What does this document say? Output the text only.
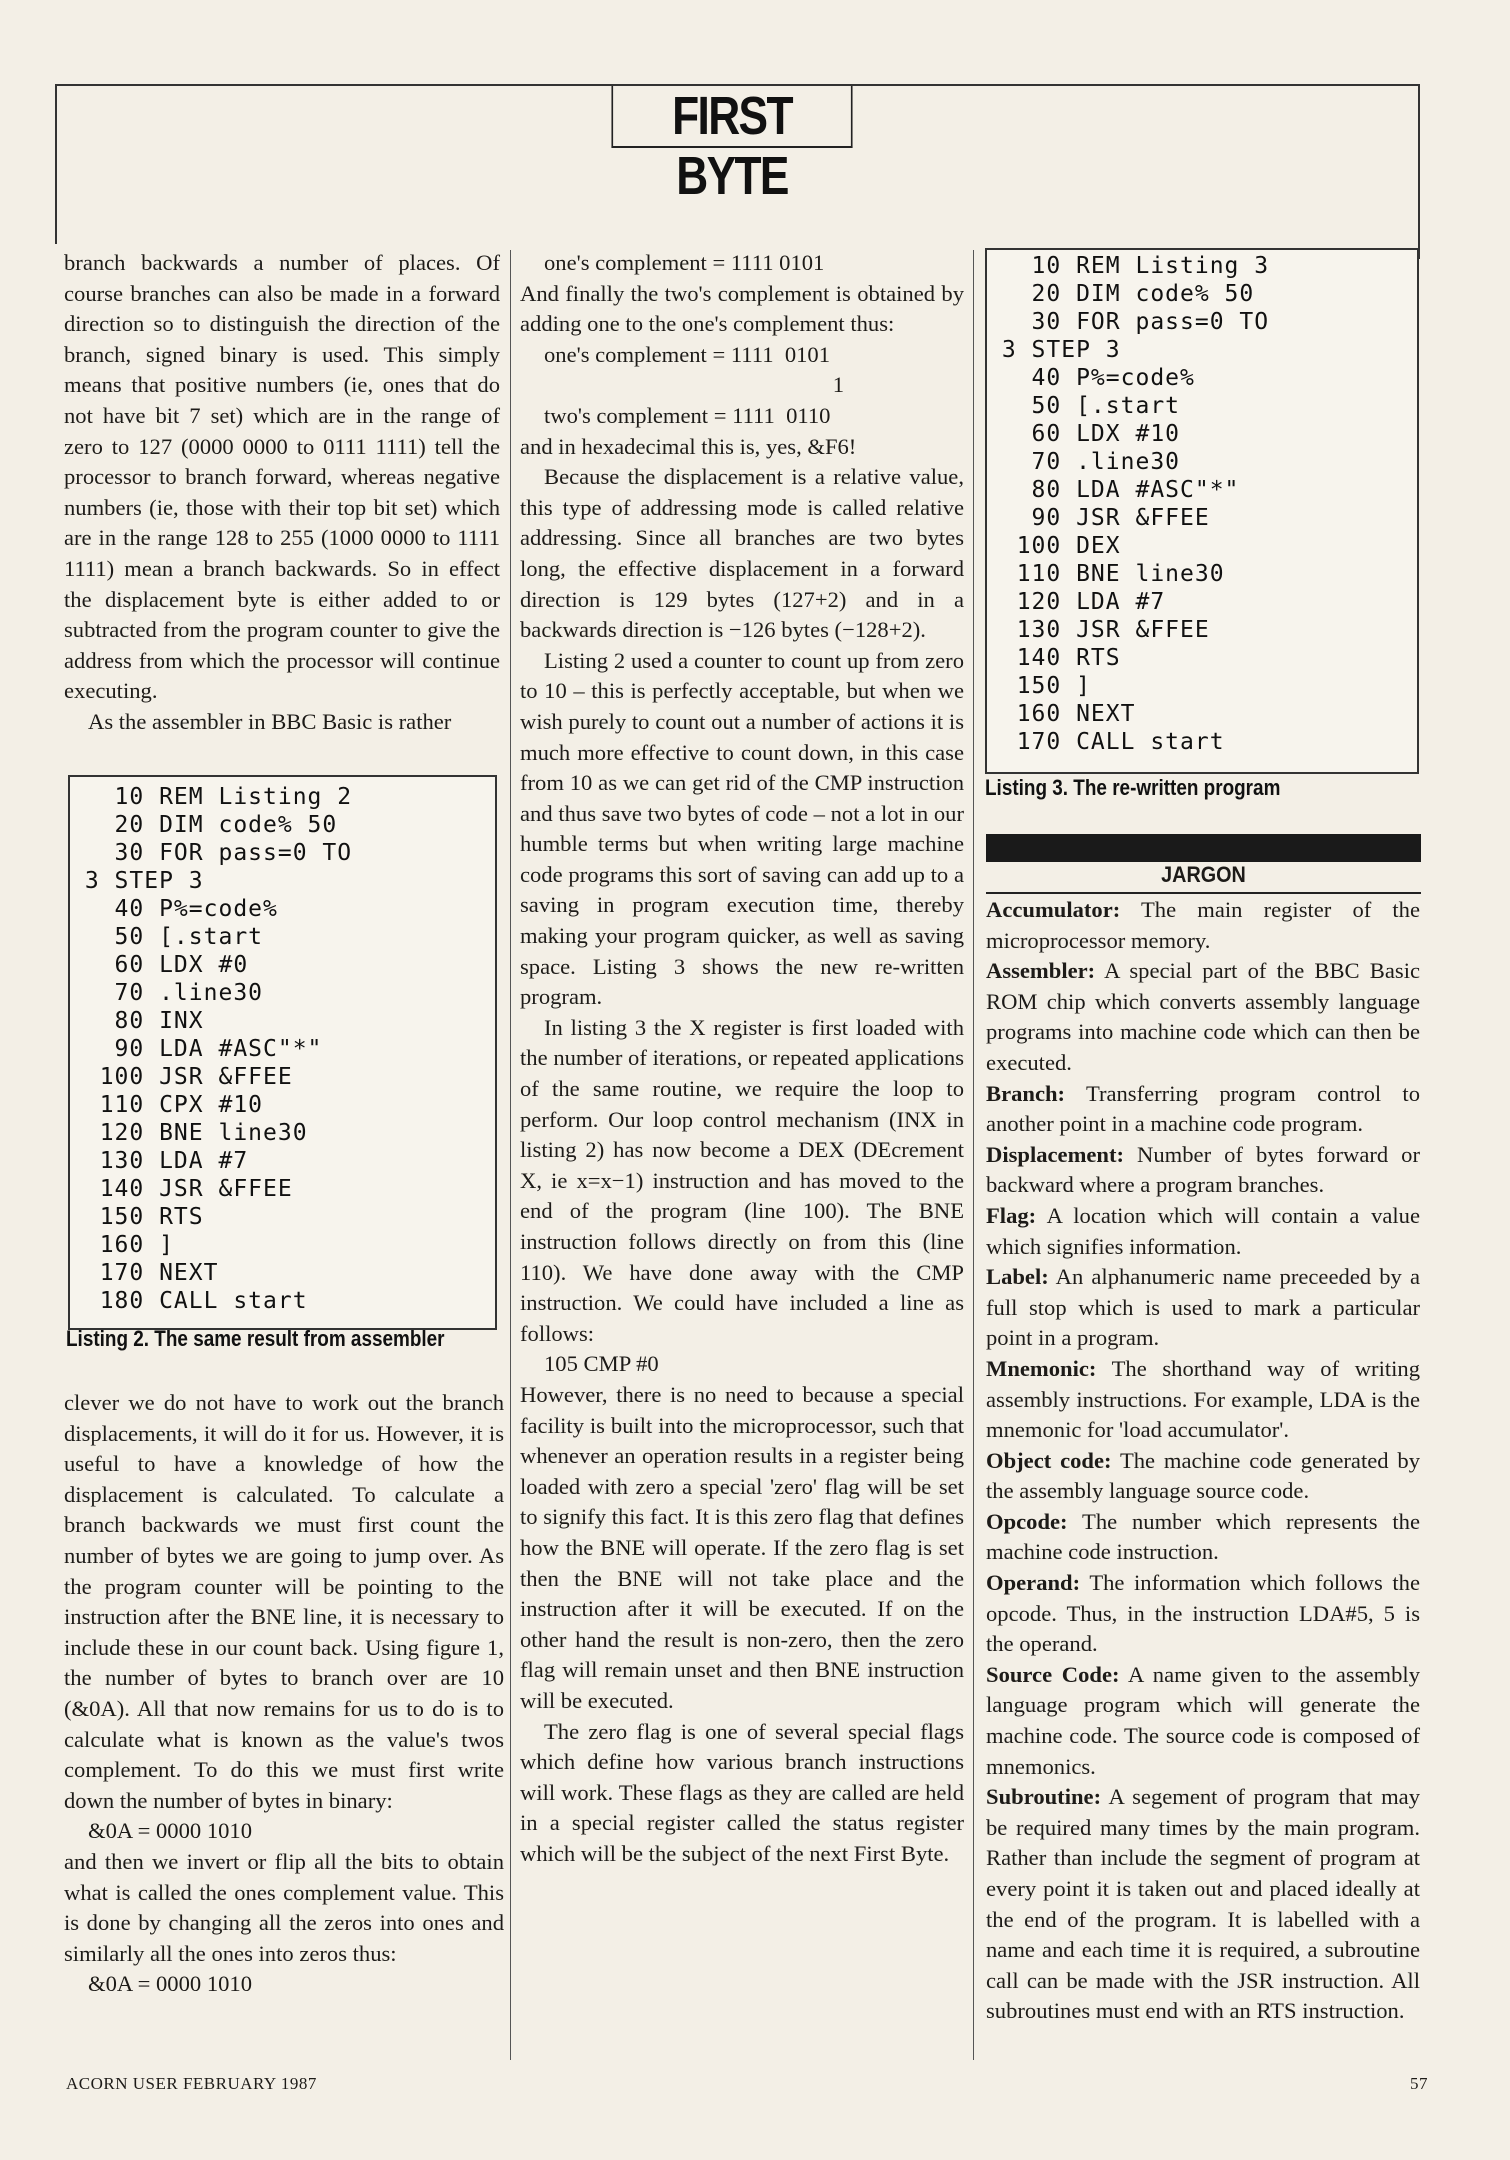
FIRST BYTE

branch backwards a number of places. Of course branches can also be made in a forward direction so to distinguish the direction of the branch, signed binary is used. This simply means that positive numbers (ie, ones that do not have bit 7 set) which are in the range of zero to 127 (0000 0000 to 0111 1111) tell the processor to branch forward, whereas negative numbers (ie, those with their top bit set) which are in the range 128 to 255 (1000 0000 to 1111 1111) mean a branch backwards. So in effect the displacement byte is either added to or subtracted from the program counter to give the address from which the processor will continue executing.

As the assembler in BBC Basic is rather

10 REM Listing 2
20 DIM code% 50
30 FOR pass=0 TO
3 STEP 3
40 P%=code%
50 [.start
60 LDX #0
70 .line30
80 INX
90 LDA #ASC"*"
100 JSR &FFEE
110 CPX #10
120 BNE line30
130 LDA #7
140 JSR &FFEE
150 RTS
160 ]
170 NEXT
180 CALL start
Listing 2. The same result from assembler

clever we do not have to work out the branch displacements, it will do it for us. However, it is useful to have a knowledge of how the displacement is calculated. To calculate a branch backwards we must first count the number of bytes we are going to jump over. As the program counter will be pointing to the instruction after the BNE line, it is necessary to include these in our count back. Using figure 1, the number of bytes to branch over are 10 (&0A). All that now remains for us to do is to calculate what is known as the value's twos complement. To do this we must first write down the number of bytes in binary:

&0A = 0000 1010

and then we invert or flip all the bits to obtain what is called the ones complement value. This is done by changing all the zeros into ones and similarly all the ones into zeros thus:

&0A = 0000 1010

one's complement = 1111 0101

And finally the two's complement is obtained by adding one to the one's complement thus:

one's complement = 1111  0101

1

two's complement = 1111  0110

and in hexadecimal this is, yes, &F6!

Because the displacement is a relative value, this type of addressing mode is called relative addressing. Since all branches are two bytes long, the effective displacement in a forward direction is 129 bytes (127+2) and in a backwards direction is −126 bytes (−128+2).

Listing 2 used a counter to count up from zero to 10 – this is perfectly acceptable, but when we wish purely to count out a number of actions it is much more effective to count down, in this case from 10 as we can get rid of the CMP instruction and thus save two bytes of code – not a lot in our humble terms but when writing large machine code programs this sort of saving can add up to a saving in program execution time, thereby making your program quicker, as well as saving space. Listing 3 shows the new re-written program.

In listing 3 the X register is first loaded with the number of iterations, or repeated applications of the same routine, we require the loop to perform. Our loop control mechanism (INX in listing 2) has now become a DEX (DEcrement X, ie x=x−1) instruction and has moved to the end of the program (line 100). The BNE instruction follows directly on from this (line 110). We have done away with the CMP instruction. We could have included a line as follows:

105 CMP #0

However, there is no need to because a special facility is built into the microprocessor, such that whenever an operation results in a register being loaded with zero a special 'zero' flag will be set to signify this fact. It is this zero flag that defines how the BNE will operate. If the zero flag is set then the BNE will not take place and the instruction after it will be executed. If on the other hand the result is non-zero, then the zero flag will remain unset and then BNE instruction will be executed.

The zero flag is one of several special flags which define how various branch instructions will work. These flags as they are called are held in a special register called the status register which will be the subject of the next First Byte.

10 REM Listing 3
20 DIM code% 50
30 FOR pass=0 TO
3 STEP 3
40 P%=code%
50 [.start
60 LDX #10
70 .line30
80 LDA #ASC"*"
90 JSR &FFEE
100 DEX
110 BNE line30
120 LDA #7
130 JSR &FFEE
140 RTS
150 ]
160 NEXT
170 CALL start
Listing 3. The re-written program
JARGON

Accumulator: The main register of the microprocessor memory.

Assembler: A special part of the BBC Basic ROM chip which converts assembly language programs into machine code which can then be executed.

Branch: Transferring program control to another point in a machine code program.

Displacement: Number of bytes forward or backward where a program branches.

Flag: A location which will contain a value which signifies information.

Label: An alphanumeric name preceeded by a full stop which is used to mark a particular point in a program.

Mnemonic: The shorthand way of writing assembly instructions. For example, LDA is the mnemonic for 'load accumulator'.

Object code: The machine code generated by the assembly language source code.

Opcode: The number which represents the machine code instruction.

Operand: The information which follows the opcode. Thus, in the instruction LDA#5, 5 is the operand.

Source Code: A name given to the assembly language program which will generate the machine code. The source code is composed of mnemonics.

Subroutine: A segement of program that may be required many times by the main program. Rather than include the segment of program at every point it is taken out and placed ideally at the end of the program. It is labelled with a name and each time it is required, a subroutine call can be made with the JSR instruction. All subroutines must end with an RTS instruction.

ACORN USER FEBRUARY 1987	57
